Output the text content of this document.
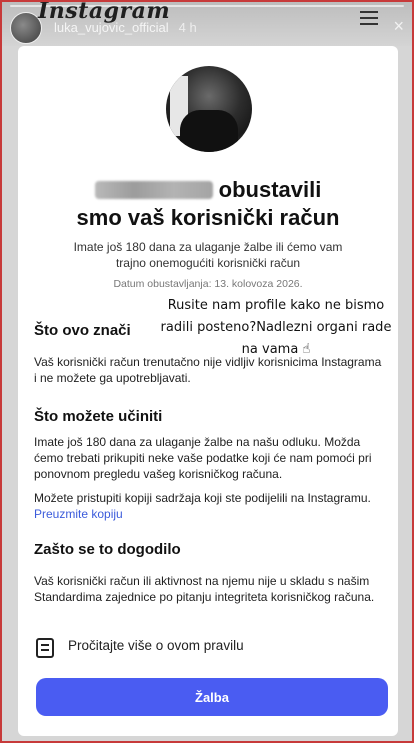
Instagram
luka_vujovic_official 4 h	×
obustavili
smo vaš korisnički račun
Imate još 180 dana za ulaganje žalbe ili ćemo vam trajno onemogućiti korisnički račun
Datum obustavljanja: 13. kolovoza 2026.
Rusite nam profile kako ne bismo radili posteno?Nadlezni organi rade na vama ☝
Što ovo znači
Vaš korisnički račun trenutačno nije vidljiv korisnicima Instagrama i ne možete ga upotrebljavati.
Što možete učiniti
Imate još 180 dana za ulaganje žalbe na našu odluku. Možda ćemo trebati prikupiti neke vaše podatke koji će nam pomoći pri ponovnom pregledu vašeg korisničkog računa.
Možete pristupiti kopiji sadržaja koji ste podijelili na Instagramu. Preuzmite kopiju
Zašto se to dogodilo
Vaš korisnički račun ili aktivnost na njemu nije u skladu s našim Standardima zajednice po pitanju integriteta korisničkog računa.
Pročitajte više o ovom pravilu
Žalba
